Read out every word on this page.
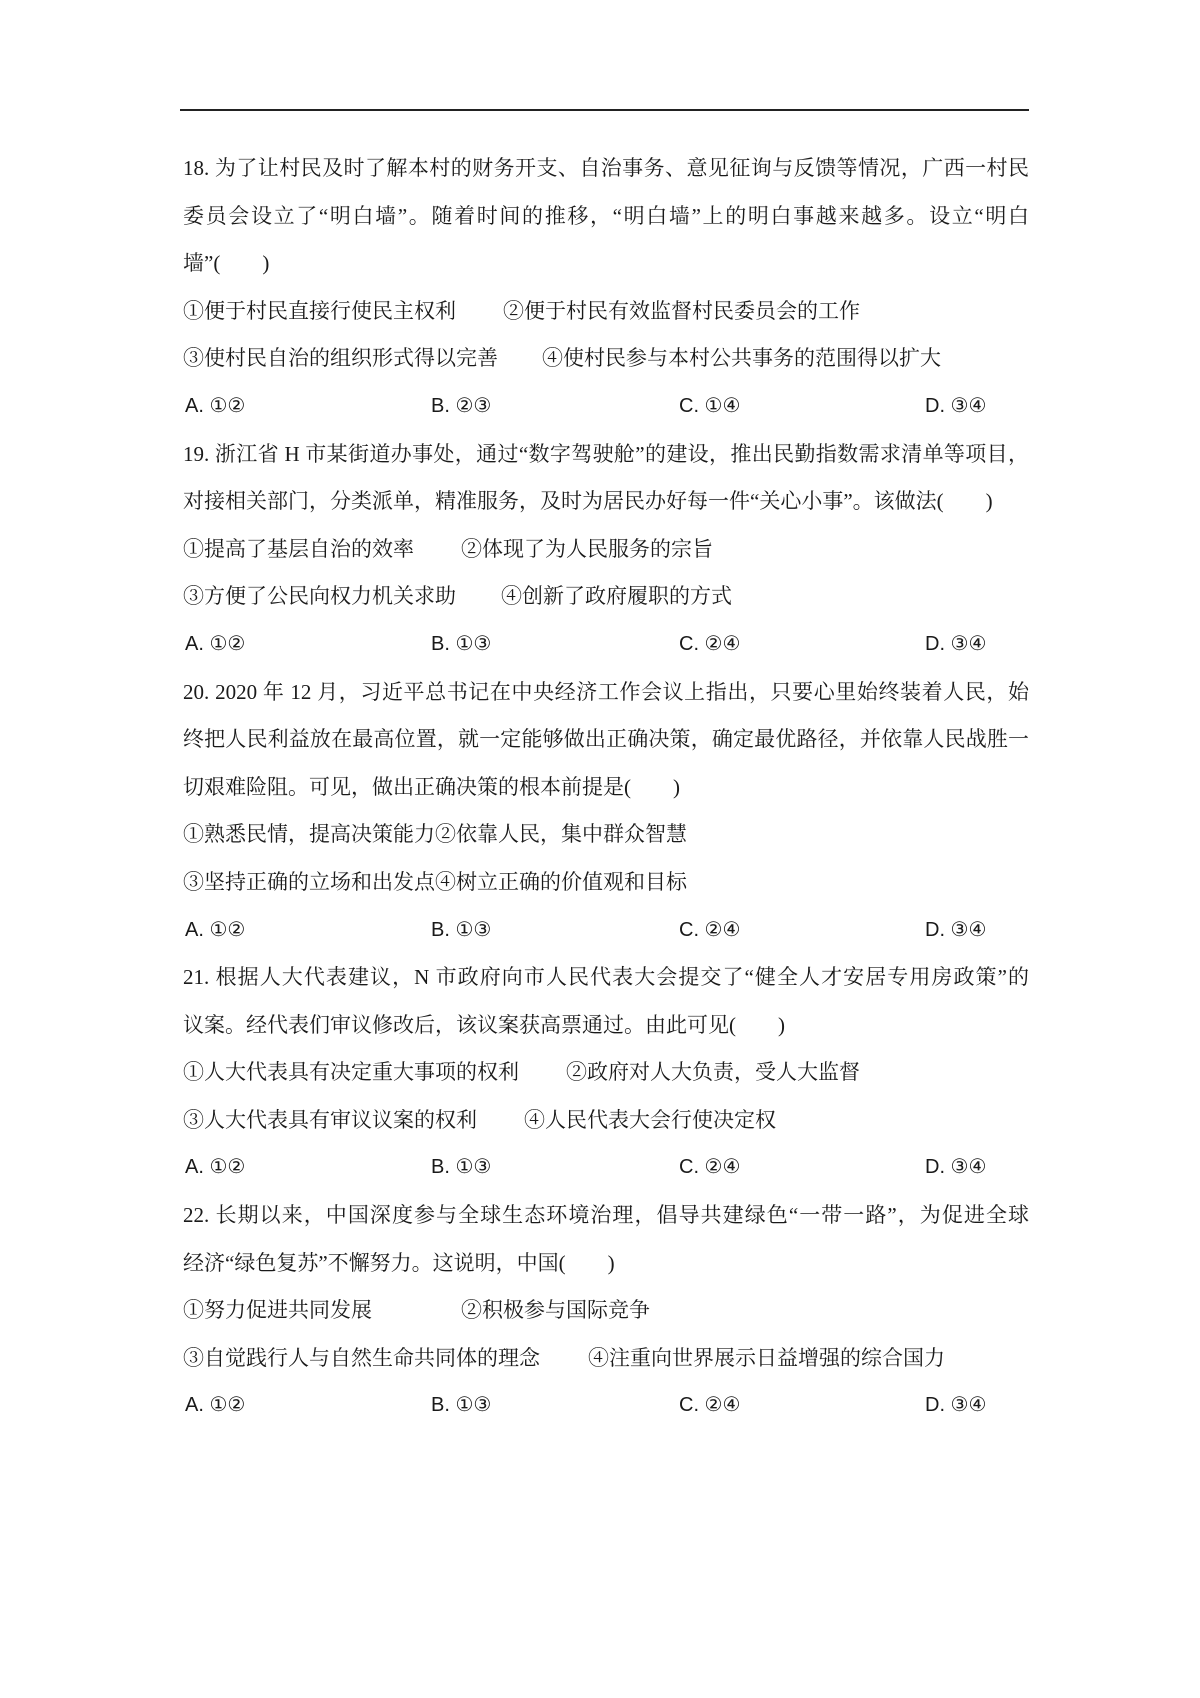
18. 为了让村民及时了解本村的财务开支、自治事务、意见征询与反馈等情况，广西一村民
委员会设立了“明白墙”。随着时间的推移，“明白墙”上的明白事越来越多。设立“明白
墙”(　　)
①便于村民直接行使民主权利 ②便于村民有效监督村民委员会的工作
③使村民自治的组织形式得以完善 ④使村民参与本村公共事务的范围得以扩大
A. ①②	B. ②③	C. ①④	D. ③④
19. 浙江省 H 市某街道办事处，通过“数字驾驶舱”的建设，推出民勤指数需求清单等项目，
对接相关部门，分类派单，精准服务，及时为居民办好每一件“关心小事”。该做法(　　)
①提高了基层自治的效率 ②体现了为人民服务的宗旨
③方便了公民向权力机关求助 ④创新了政府履职的方式
A. ①②	B. ①③	C. ②④	D. ③④
20. 2020 年 12 月，习近平总书记在中央经济工作会议上指出，只要心里始终装着人民，始
终把人民利益放在最高位置，就一定能够做出正确决策，确定最优路径，并依靠人民战胜一
切艰难险阻。可见，做出正确决策的根本前提是(　　)
①熟悉民情，提高决策能力②依靠人民，集中群众智慧
③坚持正确的立场和出发点④树立正确的价值观和目标
A. ①②	B. ①③	C. ②④	D. ③④
21. 根据人大代表建议，N 市政府向市人民代表大会提交了“健全人才安居专用房政策”的
议案。经代表们审议修改后，该议案获高票通过。由此可见(　　)
①人大代表具有决定重大事项的权利 ②政府对人大负责，受人大监督
③人大代表具有审议议案的权利 ④人民代表大会行使决定权
A. ①②	B. ①③	C. ②④	D. ③④
22. 长期以来，中国深度参与全球生态环境治理，倡导共建绿色“一带一路”，为促进全球
经济“绿色复苏”不懈努力。这说明，中国(　　)
①努力促进共同发展	②积极参与国际竞争
③自觉践行人与自然生命共同体的理念 ④注重向世界展示日益增强的综合国力
A. ①②	B. ①③	C. ②④	D. ③④
